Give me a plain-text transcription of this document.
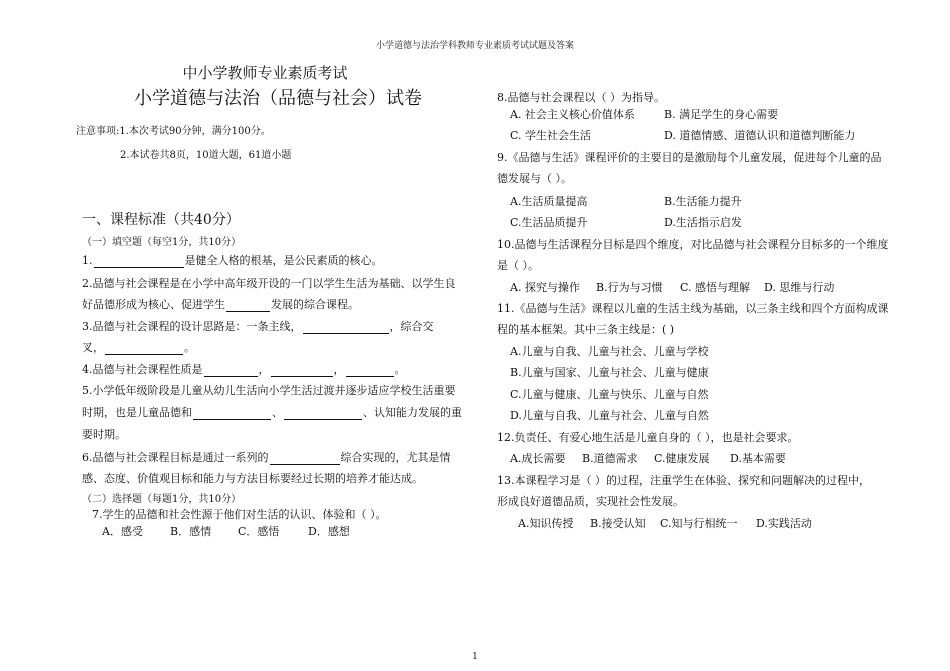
小学道德与法治学科教师专业素质考试试题及答案
中小学教师专业素质考试
小学道德与法治（品德与社会）试卷
注意事项:1.本次考试90分钟，满分100分。
2.本试卷共8页，10道大题，61道小题
一、课程标准（共40分）
（一）填空题（每空1分，共10分）
1.	是健全人格的根基，是公民素质的核心。
2.品德与社会课程是在小学中高年级开设的一门以学生生活为基础、以学生良
好品德形成为核心、促进学生	发展的综合课程。
3.品德与社会课程的设计思路是：一条主线，	，综合交
叉，	。
4.品德与社会课程性质是	，	，	。
5.小学低年级阶段是儿童从幼儿生活向小学生活过渡并逐步适应学校生活重要
时期，也是儿童品德和	、	、认知能力发展的重
要时期。
6.品德与社会课程目标是通过一系列的	综合实现的，尤其是情
感、态度、价值观目标和能力与方法目标要经过长期的培养才能达成。
（二）选择题（每题1分，共10分）
7.学生的品德和社会性源于他们对生活的认识、体验和（ ）。
A．感受 B．感情 C．感悟	D．感想
8.品德与社会课程以（ ）为指导。
A. 社会主义核心价值体系	B. 满足学生的身心需要
C. 学生社会生活	D. 道德情感、道德认识和道德判断能力
9.《品德与生活》课程评价的主要目的是激励每个儿童发展，促进每个儿童的品
德发展与（ ）。
A.生活质量提高	B.生活能力提升
C.生活品质提升	D.生活指示启发
10.品德与生活课程分目标是四个维度，对比品德与社会课程分目标多的一个维度
是（ ）。
A. 探究与操作 B.行为与习惯 C. 感悟与理解 D. 思维与行动
11.《品德与生活》课程以儿童的生活主线为基础，以三条主线和四个方面构成课
程的基本框架。其中三条主线是：( )
A.儿童与自我、儿童与社会、儿童与学校
B.儿童与国家、儿童与社会、儿童与健康
C.儿童与健康、儿童与快乐、儿童与自然
D.儿童与自我、儿童与社会、儿童与自然
12.负责任、有爱心地生活是儿童自身的（ ），也是社会要求。
A.成长需要 B.道德需求 C.健康发展 D.基本需要
13.本课程学习是（ ）的过程，注重学生在体验、探究和问题解决的过程中，
形成良好道德品质，实现社会性发展。
A.知识传授 B.接受认知 C.知与行相统一 D.实践活动
1
